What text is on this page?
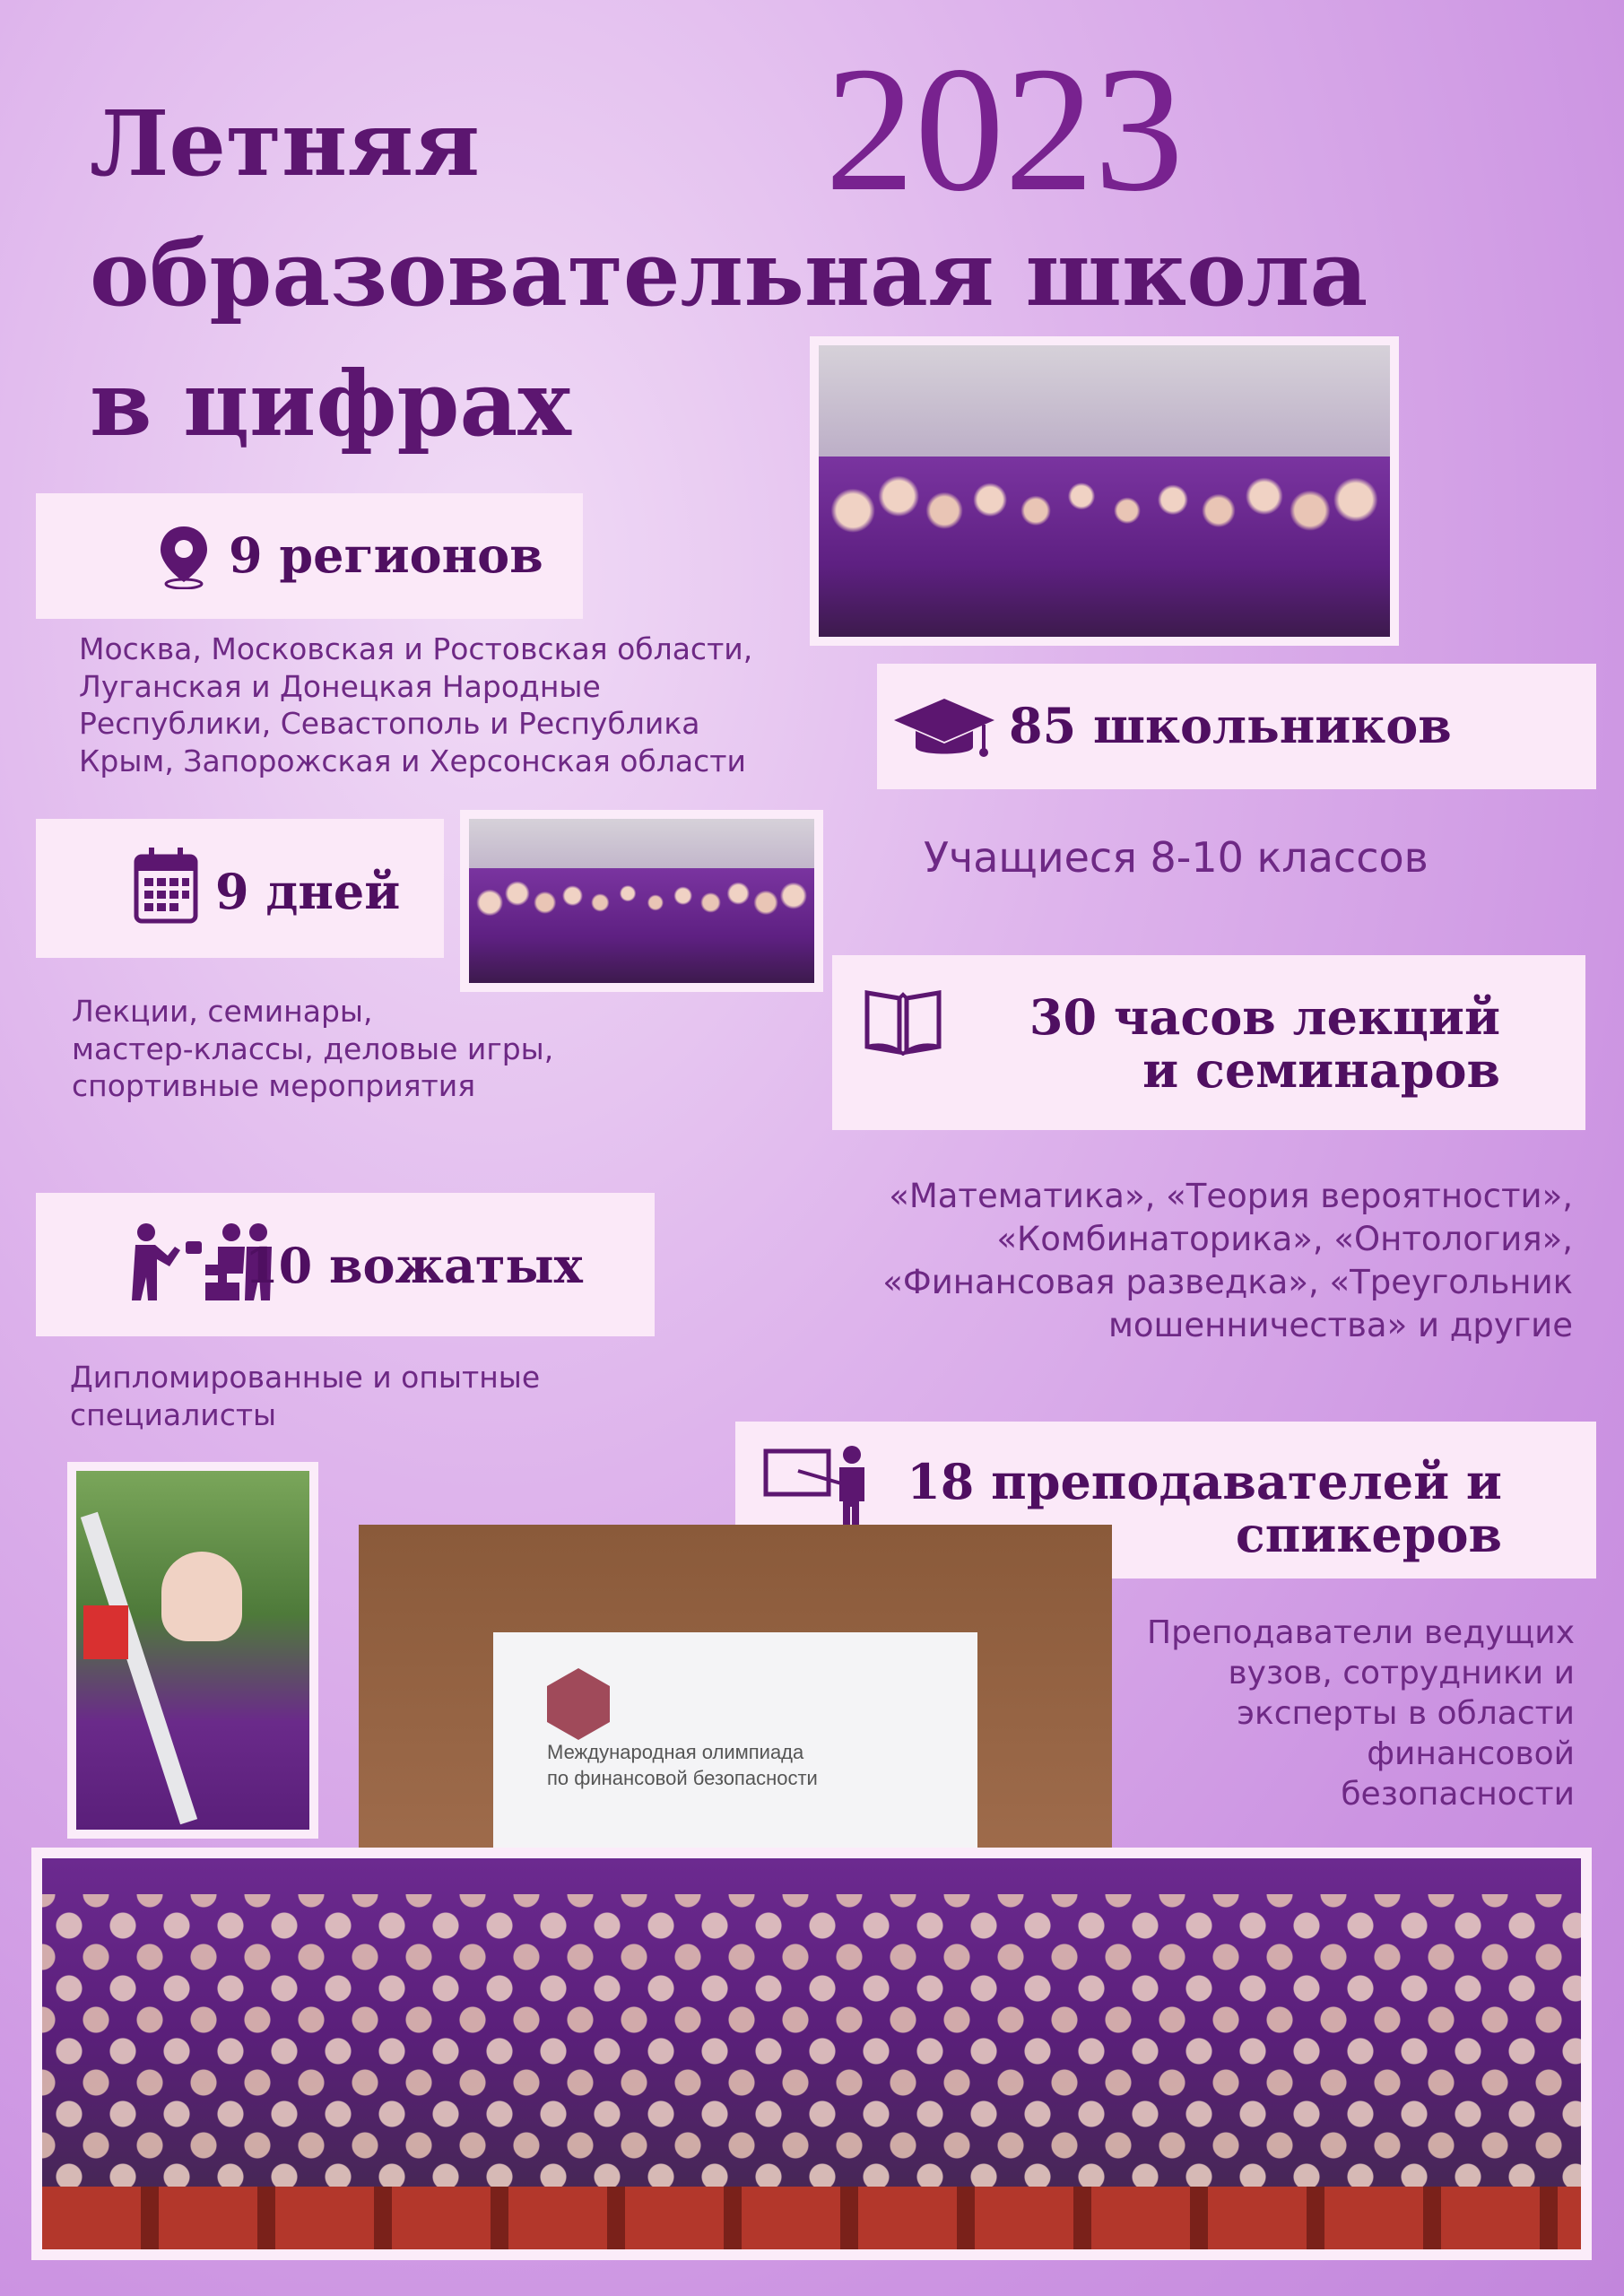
Летняя
образовательная школа
в цифрах
2023
9 регионов
Москва, Московская и Ростовская области,
Луганская и Донецкая Народные
Республики, Севастополь и Республика
Крым, Запорожская и Херсонская области
85 школьников
Учащиеся 8-10 классов
9 дней
Лекции, семинары,
мастер-классы, деловые игры,
спортивные мероприятия
30 часов лекций
и семинаров
«Математика», «Теория вероятности»,
«Комбинаторика», «Онтология»,
«Финансовая разведка», «Треугольник
мошенничества» и другие
10 вожатых
Дипломированные и опытные
специалисты
18 преподавателей и
спикеров
Преподаватели ведущих
вузов, сотрудники и
эксперты в области
финансовой
безопасности
Международная олимпиада
по финансовой безопасности
